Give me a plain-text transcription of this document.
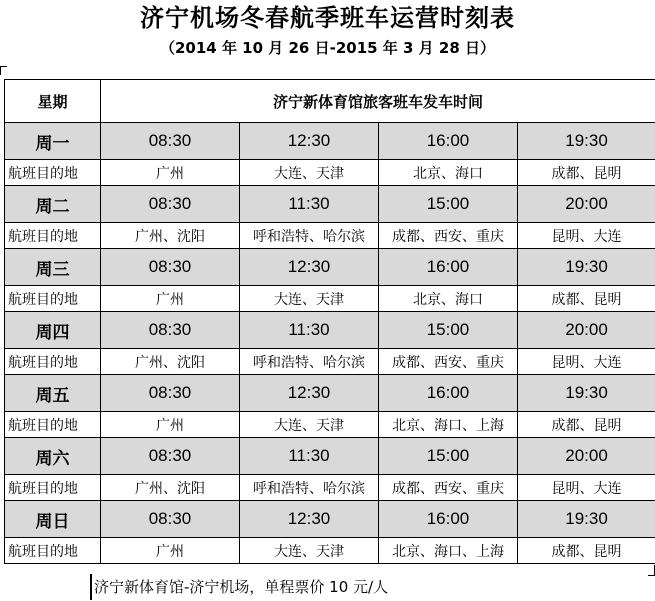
济宁机场冬春航季班车运营时刻表
（2014 年 10 月 26 日-2015 年 3 月 28 日）
星期	济宁新体育馆旅客班车发车时间			
周一	08:30	12:30	16:00	19:30
航班目的地	广州	大连、天津	北京、海口	成都、昆明
周二	08:30	11:30	15:00	20:00
航班目的地	广州、沈阳	呼和浩特、哈尔滨	成都、西安、重庆	昆明、大连
周三	08:30	12:30	16:00	19:30
航班目的地	广州	大连、天津	北京、海口	成都、昆明
周四	08:30	11:30	15:00	20:00
航班目的地	广州、沈阳	呼和浩特、哈尔滨	成都、西安、重庆	昆明、大连
周五	08:30	12:30	16:00	19:30
航班目的地	广州	大连、天津	北京、海口、上海	成都、昆明
周六	08:30	11:30	15:00	20:00
航班目的地	广州、沈阳	呼和浩特、哈尔滨	成都、西安、重庆	昆明、大连
周日	08:30	12:30	16:00	19:30
航班目的地	广州	大连、天津	北京、海口、上海	成都、昆明
济宁新体育馆-济宁机场，单程票价 10 元/人
